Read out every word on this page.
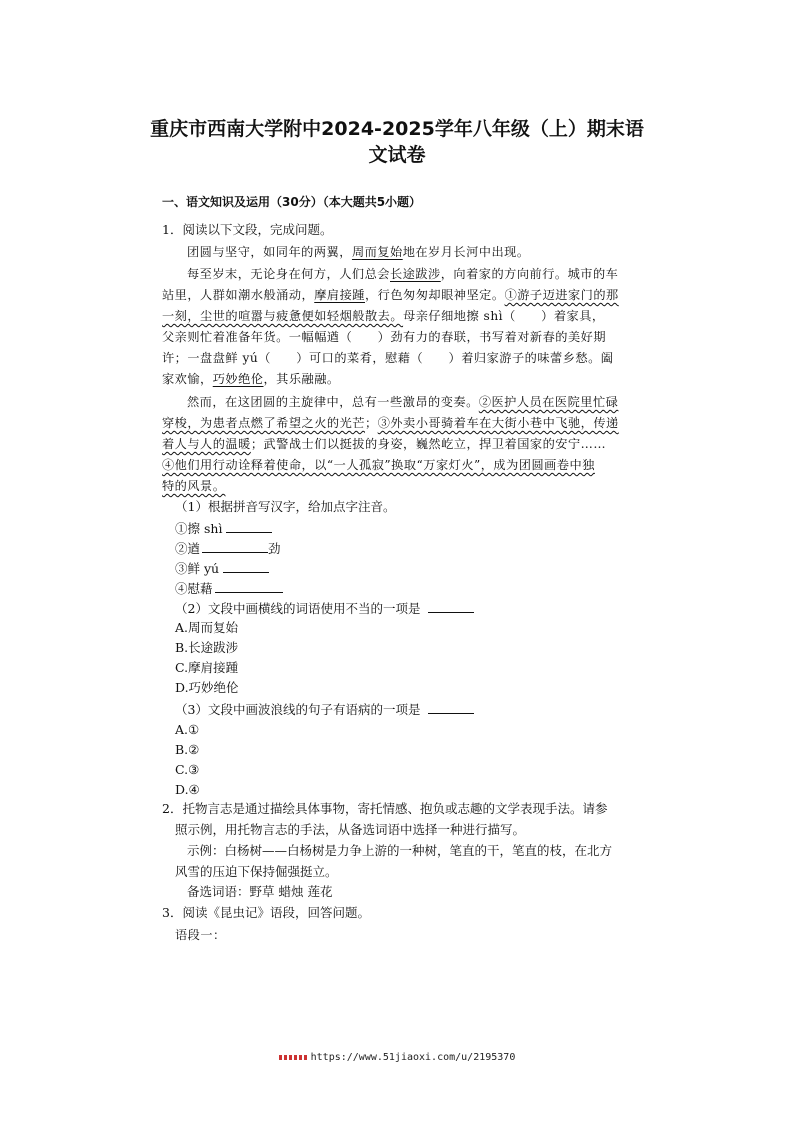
重庆市西南大学附中2024-2025学年八年级（上）期末语
文试卷
一、语文知识及运用（30分）（本大题共5小题）
1．阅读以下文段，完成问题。
团圆与坚守，如同年的两翼，周而复始地在岁月长河中出现。
每至岁末，无论身在何方，人们总会长途跋涉，向着家的方向前行。城市的车
站里，人群如潮水般涌动，摩肩接踵，行色匆匆却眼神坚定。①游子迈进家门的那
一刻，尘世的喧嚣与疲惫便如轻烟般散去。母亲仔细地擦 shì（　　）着家具，
父亲则忙着准备年货。一幅幅遒（　　）劲有力的春联，书写着对新春的美好期
许；一盘盘鲜 yú（　　）可口的菜肴，慰藉（　　）着归家游子的味蕾乡愁。阖
家欢愉，巧妙绝伦，其乐融融。
然而，在这团圆的主旋律中，总有一些激昂的变奏。②医护人员在医院里忙碌
穿梭，为患者点燃了希望之火的光芒；③外卖小哥骑着车在大街小巷中飞驰，传递
着人与人的温暖；武警战士们以挺拔的身姿，巍然屹立，捍卫着国家的安宁……
④他们用行动诠释着使命，以“一人孤寂”换取“万家灯火”，成为团圆画卷中独
特的风景。
（1）根据拼音写汉字，给加点字注音。
①擦 shì
②遒	劲
③鲜 yú
④慰藉
（2）文段中画横线的词语使用不当的一项是
A.周而复始
B.长途跋涉
C.摩肩接踵
D.巧妙绝伦
（3）文段中画波浪线的句子有语病的一项是
A.①
B.②
C.③
D.④
2．托物言志是通过描绘具体事物，寄托情感、抱负或志趣的文学表现手法。请参
照示例，用托物言志的手法，从备选词语中选择一种进行描写。
示例：白杨树——白杨树是力争上游的一种树，笔直的干，笔直的枝，在北方
风雪的压迫下保持倔强挺立。
备选词语：野草 蜡烛 莲花
3．阅读《昆虫记》语段，回答问题。
语段一：
https://www.51jiaoxi.com/u/2195370
